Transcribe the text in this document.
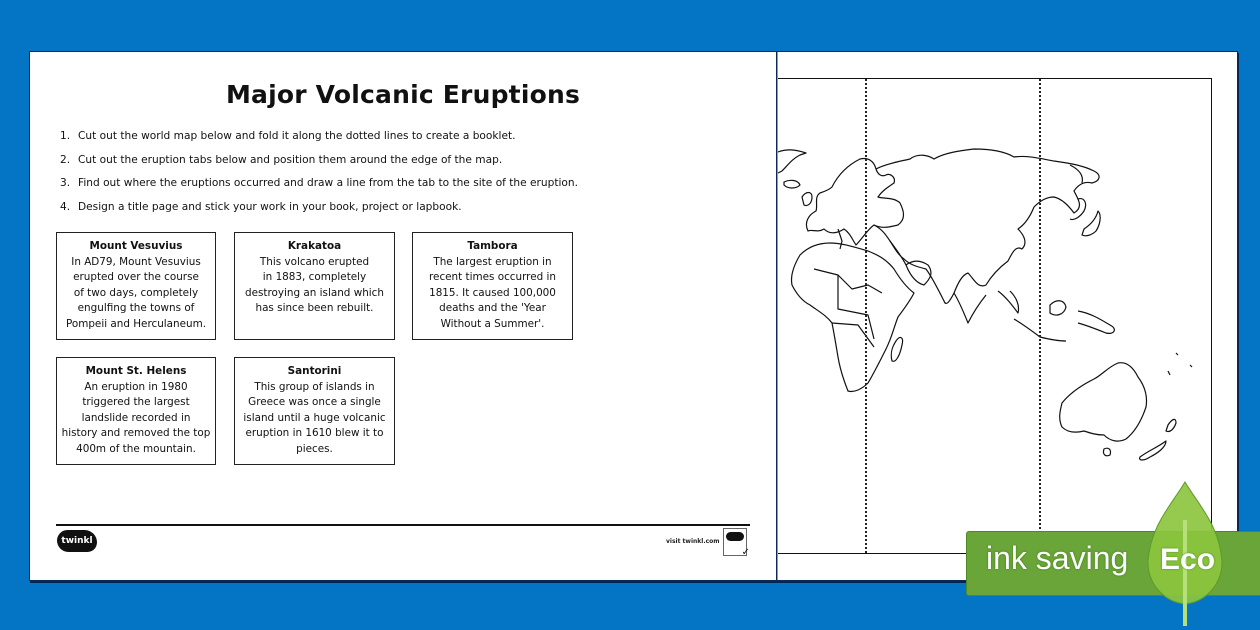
Major Volcanic Eruptions
1. Cut out the world map below and fold it along the dotted lines to create a booklet.
2. Cut out the eruption tabs below and position them around the edge of the map.
3. Find out where the eruptions occurred and draw a line from the tab to the site of the eruption.
4. Design a title page and stick your work in your book, project or lapbook.
Mount Vesuvius
In AD79, Mount Vesuvius
erupted over the course
of two days, completely
engulfing the towns of
Pompeii and Herculaneum.
Krakatoa
This volcano erupted
in 1883, completely
destroying an island which
has since been rebuilt.
Tambora
The largest eruption in
recent times occurred in
1815. It caused 100,000
deaths and the 'Year
Without a Summer'.
Mount St. Helens
An eruption in 1980
triggered the largest
landslide recorded in
history and removed the top
400m of the mountain.
Santorini
This group of islands in
Greece was once a single
island until a huge volcanic
eruption in 1610 blew it to
pieces.
twinkl	visit twinkl.com
✓	ink saving Eco
